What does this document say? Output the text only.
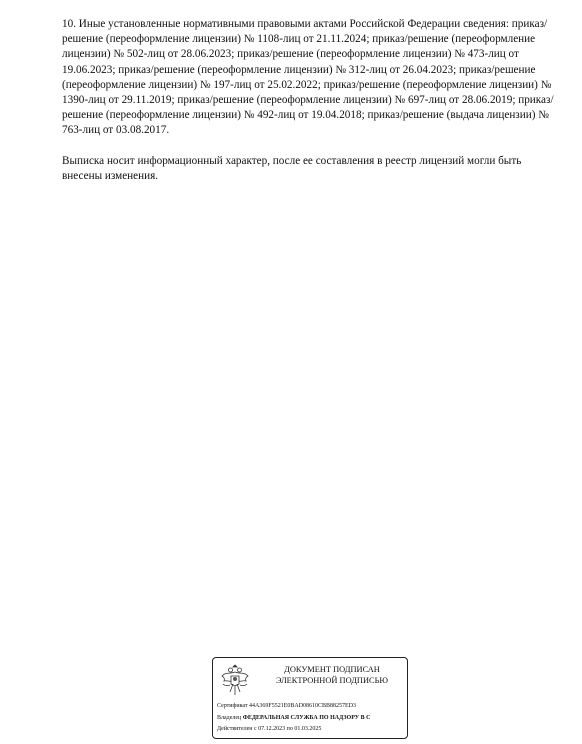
10. Иные установленные нормативными правовыми актами Российской Федерации сведения: приказ/решение (переоформление лицензии) № 1108-лиц от 21.11.2024; приказ/решение (переоформление лицензии) № 502-лиц от 28.06.2023; приказ/решение (переоформление лицензии) № 473-лиц от 19.06.2023; приказ/решение (переоформление лицензии) № 312-лиц от 26.04.2023; приказ/решение (переоформление лицензии) № 197-лиц от 25.02.2022; приказ/решение (переоформление лицензии) № 1390-лиц от 29.11.2019; приказ/решение (переоформление лицензии) № 697-лиц от 28.06.2019; приказ/решение (переоформление лицензии) № 492-лиц от 19.04.2018; приказ/решение (выдача лицензии) № 763-лиц от 03.08.2017.

Выписка носит информационный характер, после ее составления в реестр лицензий могли быть внесены изменения.

ДОКУМЕНТ ПОДПИСАН
ЭЛЕКТРОННОЙ ПОДПИСЬЮ
Сертификат 44A369F5521E0BAD08610CBB88257ED3
Владелец ФЕДЕРАЛЬНАЯ СЛУЖБА ПО НАДЗОРУ В С
Действителен с 07.12.2023 по 01.03.2025
